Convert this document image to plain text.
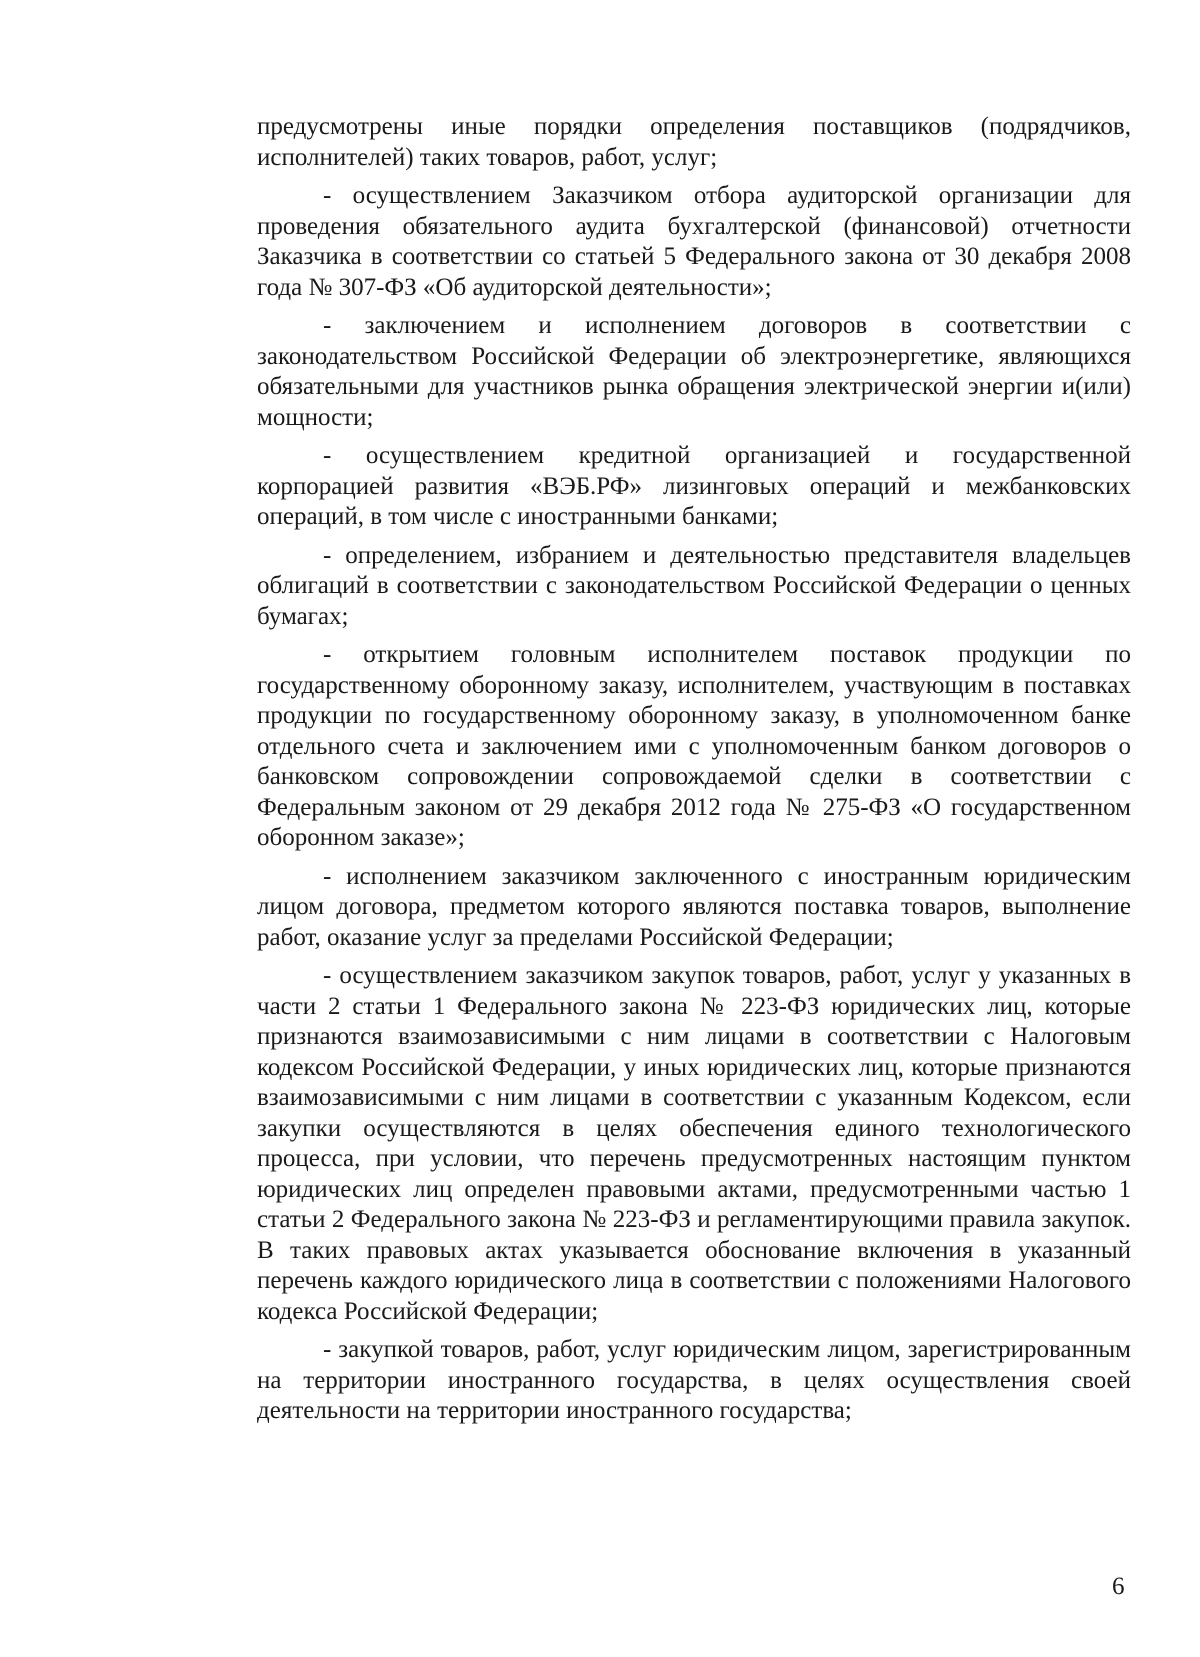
предусмотрены иные порядки определения поставщиков (подрядчиков, исполнителей) таких товаров, работ, услуг;

- осуществлением Заказчиком отбора аудиторской организации для проведения обязательного аудита бухгалтерской (финансовой) отчетности Заказчика в соответствии со статьей 5 Федерального закона от 30 декабря 2008 года № 307-ФЗ «Об аудиторской деятельности»;

- заключением и исполнением договоров в соответствии с законодательством Российской Федерации об электроэнергетике, являющихся обязательными для участников рынка обращения электрической энергии и(или) мощности;

- осуществлением кредитной организацией и государственной корпорацией развития «ВЭБ.РФ» лизинговых операций и межбанковских операций, в том числе с иностранными банками;

- определением, избранием и деятельностью представителя владельцев облигаций в соответствии с законодательством Российской Федерации о ценных бумагах;

- открытием головным исполнителем поставок продукции по государственному оборонному заказу, исполнителем, участвующим в поставках продукции по государственному оборонному заказу, в уполномоченном банке отдельного счета и заключением ими с уполномоченным банком договоров о банковском сопровождении сопровождаемой сделки в соответствии с Федеральным законом от 29 декабря 2012 года № 275-ФЗ «О государственном оборонном заказе»;

- исполнением заказчиком заключенного с иностранным юридическим лицом договора, предметом которого являются поставка товаров, выполнение работ, оказание услуг за пределами Российской Федерации;

- осуществлением заказчиком закупок товаров, работ, услуг у указанных в части 2 статьи 1 Федерального закона № 223-ФЗ юридических лиц, которые признаются взаимозависимыми с ним лицами в соответствии с Налоговым кодексом Российской Федерации, у иных юридических лиц, которые признаются взаимозависимыми с ним лицами в соответствии с указанным Кодексом, если закупки осуществляются в целях обеспечения единого технологического процесса, при условии, что перечень предусмотренных настоящим пунктом юридических лиц определен правовыми актами, предусмотренными частью 1 статьи 2 Федерального закона № 223-ФЗ и регламентирующими правила закупок. В таких правовых актах указывается обоснование включения в указанный перечень каждого юридического лица в соответствии с положениями Налогового кодекса Российской Федерации;

- закупкой товаров, работ, услуг юридическим лицом, зарегистрированным на территории иностранного государства, в целях осуществления своей деятельности на территории иностранного государства;

6
